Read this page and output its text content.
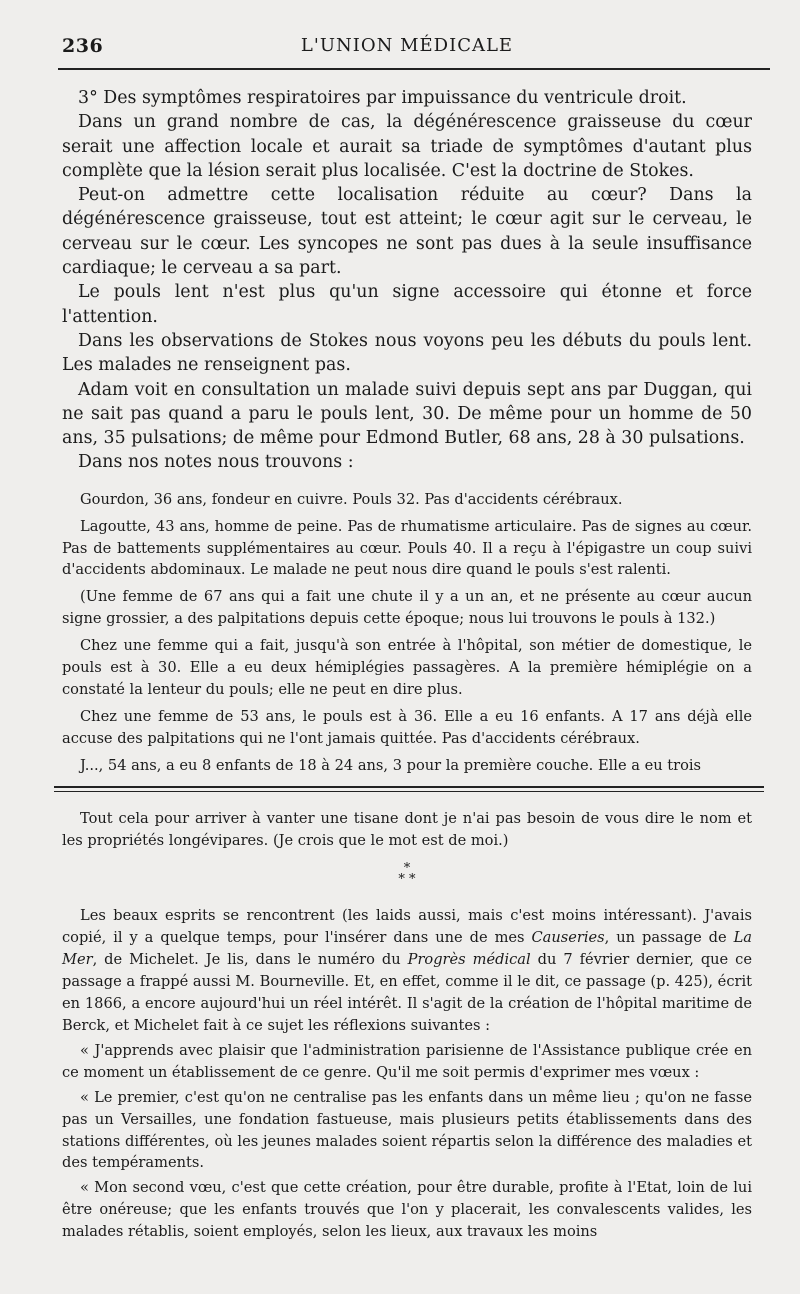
236	L'UNION MÉDICALE

3° Des symptômes respiratoires par impuissance du ventricule droit.

Dans un grand nombre de cas, la dégénérescence graisseuse du cœur serait une affection locale et aurait sa triade de symptômes d'autant plus complète que la lésion serait plus localisée. C'est la doctrine de Stokes.

Peut-on admettre cette localisation réduite au cœur? Dans la dégénérescence graisseuse, tout est atteint; le cœur agit sur le cerveau, le cerveau sur le cœur. Les syncopes ne sont pas dues à la seule insuffisance cardiaque; le cerveau a sa part.

Le pouls lent n'est plus qu'un signe accessoire qui étonne et force l'attention.

Dans les observations de Stokes nous voyons peu les débuts du pouls lent. Les malades ne renseignent pas.

Adam voit en consultation un malade suivi depuis sept ans par Duggan, qui ne sait pas quand a paru le pouls lent, 30. De même pour un homme de 50 ans, 35 pulsations; de même pour Edmond Butler, 68 ans, 28 à 30 pulsations.

Dans nos notes nous trouvons :

Gourdon, 36 ans, fondeur en cuivre. Pouls 32. Pas d'accidents cérébraux.

Lagoutte, 43 ans, homme de peine. Pas de rhumatisme articulaire. Pas de signes au cœur. Pas de battements supplémentaires au cœur. Pouls 40. Il a reçu à l'épigastre un coup suivi d'accidents abdominaux. Le malade ne peut nous dire quand le pouls s'est ralenti.

(Une femme de 67 ans qui a fait une chute il y a un an, et ne présente au cœur aucun signe grossier, a des palpitations depuis cette époque; nous lui trouvons le pouls à 132.)

Chez une femme qui a fait, jusqu'à son entrée à l'hôpital, son métier de domestique, le pouls est à 30. Elle a eu deux hémiplégies passagères. A la première hémiplégie on a constaté la lenteur du pouls; elle ne peut en dire plus.

Chez une femme de 53 ans, le pouls est à 36. Elle a eu 16 enfants. A 17 ans déjà elle accuse des palpitations qui ne l'ont jamais quittée. Pas d'accidents cérébraux.

J..., 54 ans, a eu 8 enfants de 18 à 24 ans, 3 pour la première couche. Elle a eu trois

Tout cela pour arriver à vanter une tisane dont je n'ai pas besoin de vous dire le nom et les propriétés longévipares. (Je crois que le mot est de moi.)

*
* *

Les beaux esprits se rencontrent (les laids aussi, mais c'est moins intéressant). J'avais copié, il y a quelque temps, pour l'insérer dans une de mes Causeries, un passage de La Mer, de Michelet. Je lis, dans le numéro du Progrès médical du 7 février dernier, que ce passage a frappé aussi M. Bourneville. Et, en effet, comme il le dit, ce passage (p. 425), écrit en 1866, a encore aujourd'hui un réel intérêt. Il s'agit de la création de l'hôpital maritime de Berck, et Michelet fait à ce sujet les réflexions suivantes :

« J'apprends avec plaisir que l'administration parisienne de l'Assistance publique crée en ce moment un établissement de ce genre. Qu'il me soit permis d'exprimer mes vœux :

« Le premier, c'est qu'on ne centralise pas les enfants dans un même lieu ; qu'on ne fasse pas un Versailles, une fondation fastueuse, mais plusieurs petits établissements dans des stations différentes, où les jeunes malades soient répartis selon la différence des maladies et des tempéraments.

« Mon second vœu, c'est que cette création, pour être durable, profite à l'Etat, loin de lui être onéreuse; que les enfants trouvés que l'on y placerait, les convalescents valides, les malades rétablis, soient employés, selon les lieux, aux travaux les moins
